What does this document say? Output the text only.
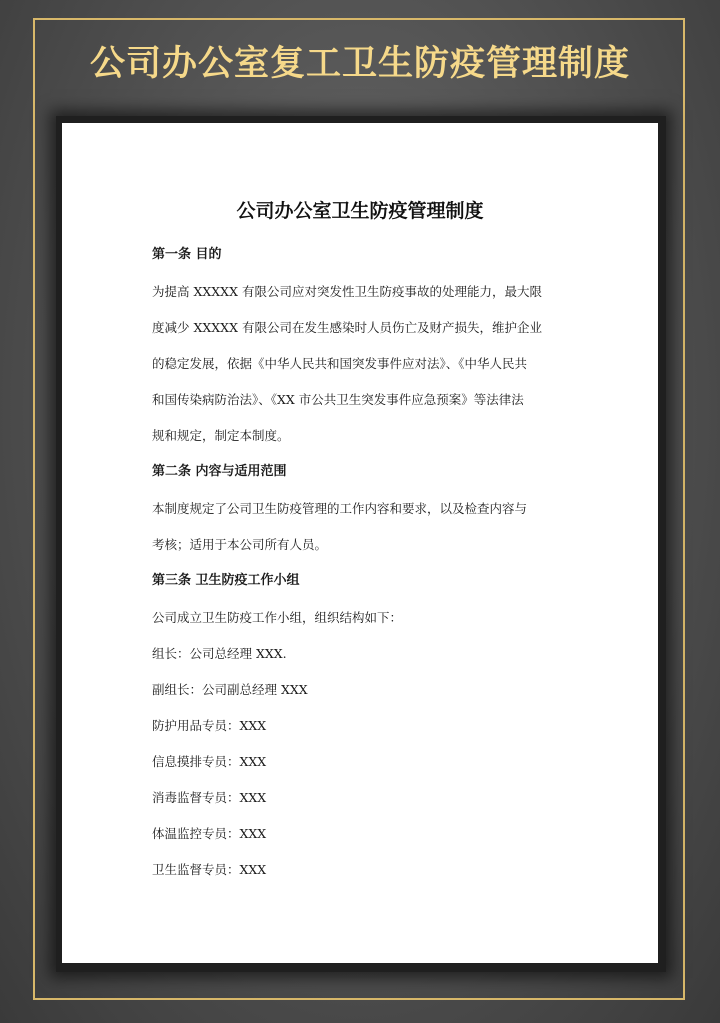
公司办公室复工卫生防疫管理制度
公司办公室卫生防疫管理制度
第一条 目的
为提高 XXXXX 有限公司应对突发性卫生防疫事故的处理能力，最大限
度减少 XXXXX 有限公司在发生感染时人员伤亡及财产损失，维护企业
的稳定发展，依据《中华人民共和国突发事件应对法》、《中华人民共
和国传染病防治法》、《XX 市公共卫生突发事件应急预案》等法律法
规和规定，制定本制度。
第二条 内容与适用范围
本制度规定了公司卫生防疫管理的工作内容和要求，以及检查内容与
考核；适用于本公司所有人员。
第三条 卫生防疫工作小组
公司成立卫生防疫工作小组，组织结构如下：
组长：公司总经理 XXX.
副组长：公司副总经理 XXX
防护用品专员：XXX
信息摸排专员：XXX
消毒监督专员：XXX
体温监控专员：XXX
卫生监督专员：XXX
